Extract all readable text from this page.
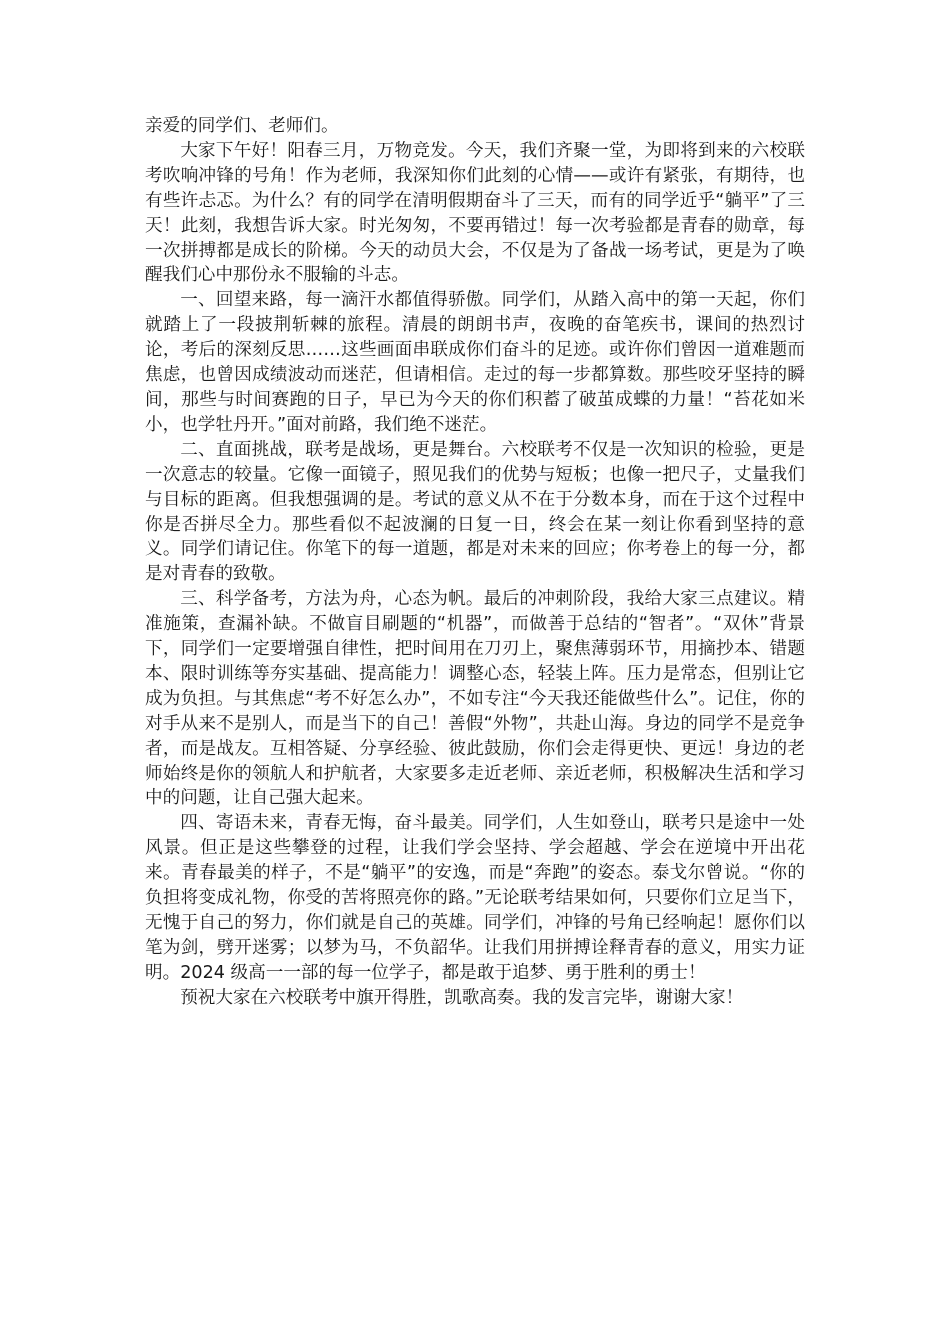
亲爱的同学们、老师们。

大家下午好！阳春三月，万物竞发。今天，我们齐聚一堂，为即将到来的六校联考吹响冲锋的号角！作为老师，我深知你们此刻的心情——或许有紧张，有期待，也有些许忐忑。为什么？有的同学在清明假期奋斗了三天，而有的同学近乎“躺平”了三天！此刻，我想告诉大家。时光匆匆，不要再错过！每一次考验都是青春的勋章，每一次拼搏都是成长的阶梯。今天的动员大会，不仅是为了备战一场考试，更是为了唤醒我们心中那份永不服输的斗志。

一、回望来路，每一滴汗水都值得骄傲。同学们，从踏入高中的第一天起，你们就踏上了一段披荆斩棘的旅程。清晨的朗朗书声，夜晚的奋笔疾书，课间的热烈讨论，考后的深刻反思……这些画面串联成你们奋斗的足迹。或许你们曾因一道难题而焦虑，也曾因成绩波动而迷茫，但请相信。走过的每一步都算数。那些咬牙坚持的瞬间，那些与时间赛跑的日子，早已为今天的你们积蓄了破茧成蝶的力量！“苔花如米小，也学牡丹开。”面对前路，我们绝不迷茫。

二、直面挑战，联考是战场，更是舞台。六校联考不仅是一次知识的检验，更是一次意志的较量。它像一面镜子，照见我们的优势与短板；也像一把尺子，丈量我们与目标的距离。但我想强调的是。考试的意义从不在于分数本身，而在于这个过程中你是否拼尽全力。那些看似不起波澜的日复一日，终会在某一刻让你看到坚持的意义。同学们请记住。你笔下的每一道题，都是对未来的回应；你考卷上的每一分，都是对青春的致敬。

三、科学备考，方法为舟，心态为帆。最后的冲刺阶段，我给大家三点建议。精准施策，查漏补缺。不做盲目刷题的“机器”，而做善于总结的“智者”。“双休”背景下，同学们一定要增强自律性，把时间用在刀刃上，聚焦薄弱环节，用摘抄本、错题本、限时训练等夯实基础、提高能力！调整心态，轻装上阵。压力是常态，但别让它成为负担。与其焦虑“考不好怎么办”，不如专注“今天我还能做些什么”。记住，你的对手从来不是别人，而是当下的自己！善假“外物”，共赴山海。身边的同学不是竞争者，而是战友。互相答疑、分享经验、彼此鼓励，你们会走得更快、更远！身边的老师始终是你的领航人和护航者，大家要多走近老师、亲近老师，积极解决生活和学习中的问题，让自己强大起来。

四、寄语未来，青春无悔，奋斗最美。同学们，人生如登山，联考只是途中一处风景。但正是这些攀登的过程，让我们学会坚持、学会超越、学会在逆境中开出花来。青春最美的样子，不是“躺平”的安逸，而是“奔跑”的姿态。泰戈尔曾说。“你的负担将变成礼物，你受的苦将照亮你的路。”无论联考结果如何，只要你们立足当下，无愧于自己的努力，你们就是自己的英雄。同学们，冲锋的号角已经响起！愿你们以笔为剑，劈开迷雾；以梦为马，不负韶华。让我们用拼搏诠释青春的意义，用实力证明。2024 级高一一部的每一位学子，都是敢于追梦、勇于胜利的勇士！

预祝大家在六校联考中旗开得胜，凯歌高奏。我的发言完毕，谢谢大家！
